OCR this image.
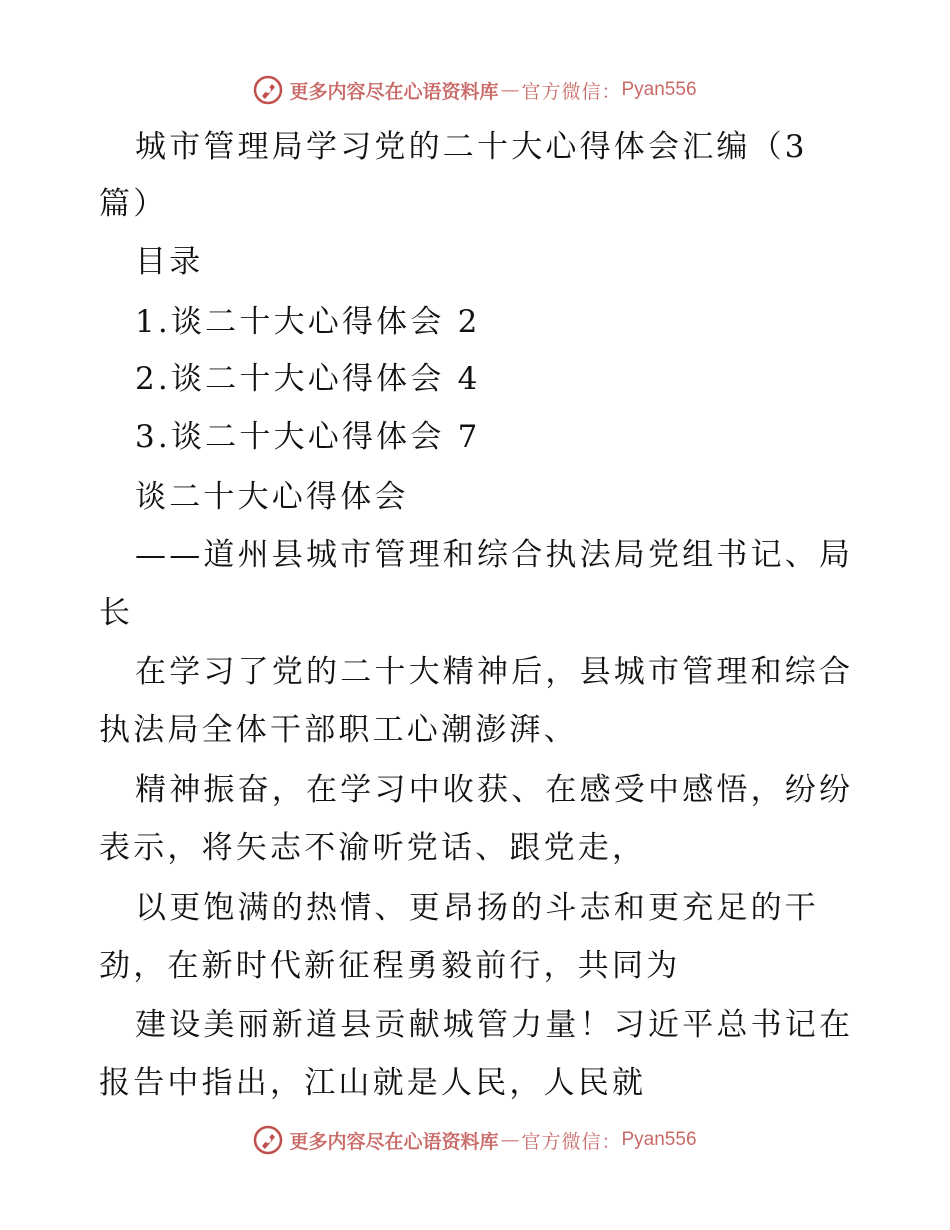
更多内容尽在心语资料库 — 官方微信： Pyan556
城市管理局学习党的二十大心得体会汇编（3
篇）
目录
1.谈二十大心得体会 2
2.谈二十大心得体会 4
3.谈二十大心得体会 7
谈二十大心得体会
——道州县城市管理和综合执法局党组书记、局
长
在学习了党的二十大精神后，县城市管理和综合
执法局全体干部职工心潮澎湃、
精神振奋，在学习中收获、在感受中感悟，纷纷
表示，将矢志不渝听党话、跟党走，
以更饱满的热情、更昂扬的斗志和更充足的干
劲，在新时代新征程勇毅前行，共同为
建设美丽新道县贡献城管力量！习近平总书记在
报告中指出，江山就是人民，人民就
更多内容尽在心语资料库 — 官方微信： Pyan556
